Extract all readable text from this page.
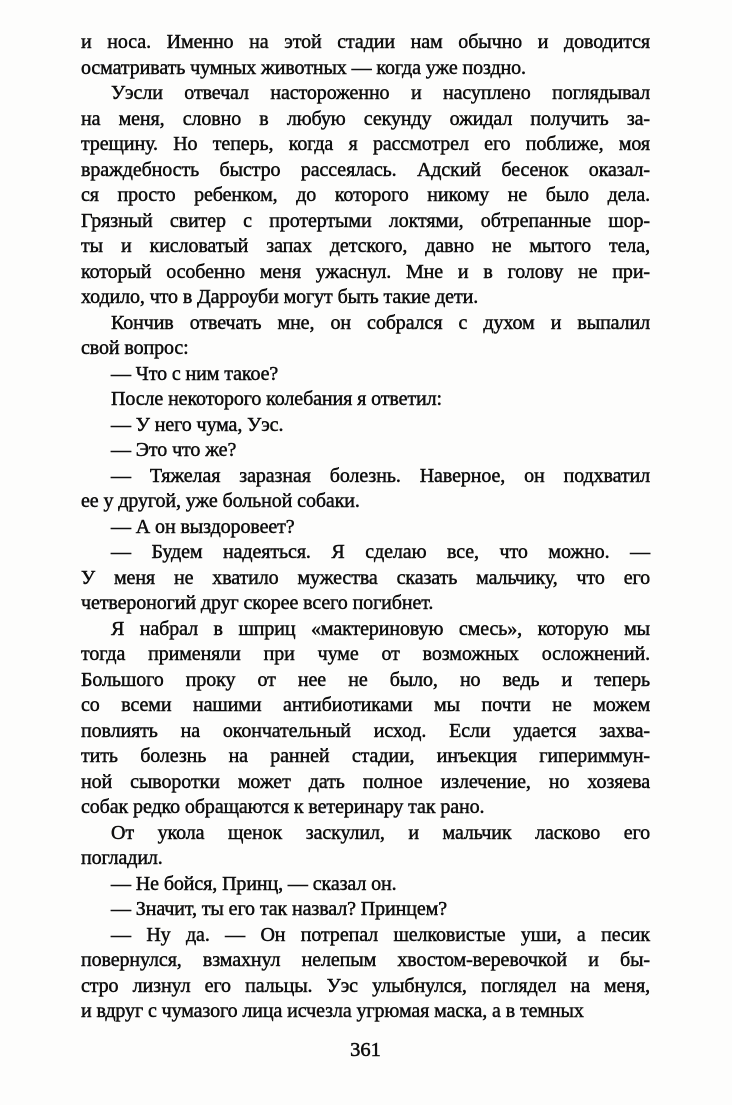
и носа. Именно на этой стадии нам обычно и доводится
осматривать чумных животных — когда уже поздно.

Уэсли отвечал настороженно и насуплено поглядывал
на меня, словно в любую секунду ожидал получить за-
трещину. Но теперь, когда я рассмотрел его поближе, моя
враждебность быстро рассеялась. Адский бесенок оказал-
ся просто ребенком, до которого никому не было дела.
Грязный свитер с протертыми локтями, обтрепанные шор-
ты и кисловатый запах детского, давно не мытого тела,
который особенно меня ужаснул. Мне и в голову не при-
ходило, что в Дарроуби могут быть такие дети.

Кончив отвечать мне, он собрался с духом и выпалил
свой вопрос:

— Что с ним такое?

После некоторого колебания я ответил:

— У него чума, Уэс.

— Это что же?

— Тяжелая заразная болезнь. Наверное, он подхватил
ее у другой, уже больной собаки.

— А он выздоровеет?

— Будем надеяться. Я сделаю все, что можно. —
У меня не хватило мужества сказать мальчику, что его
четвероногий друг скорее всего погибнет.

Я набрал в шприц «мактериновую смесь», которую мы
тогда применяли при чуме от возможных осложнений.
Большого проку от нее не было, но ведь и теперь
со всеми нашими антибиотиками мы почти не можем
повлиять на окончательный исход. Если удается захва-
тить болезнь на ранней стадии, инъекция гипериммун-
ной сыворотки может дать полное излечение, но хозяева
собак редко обращаются к ветеринару так рано.

От укола щенок заскулил, и мальчик ласково его
погладил.

— Не бойся, Принц, — сказал он.

— Значит, ты его так назвал? Принцем?

— Ну да. — Он потрепал шелковистые уши, а песик
повернулся, взмахнул нелепым хвостом-веревочкой и бы-
стро лизнул его пальцы. Уэс улыбнулся, поглядел на меня,
и вдруг с чумазого лица исчезла угрюмая маска, а в темных

361
